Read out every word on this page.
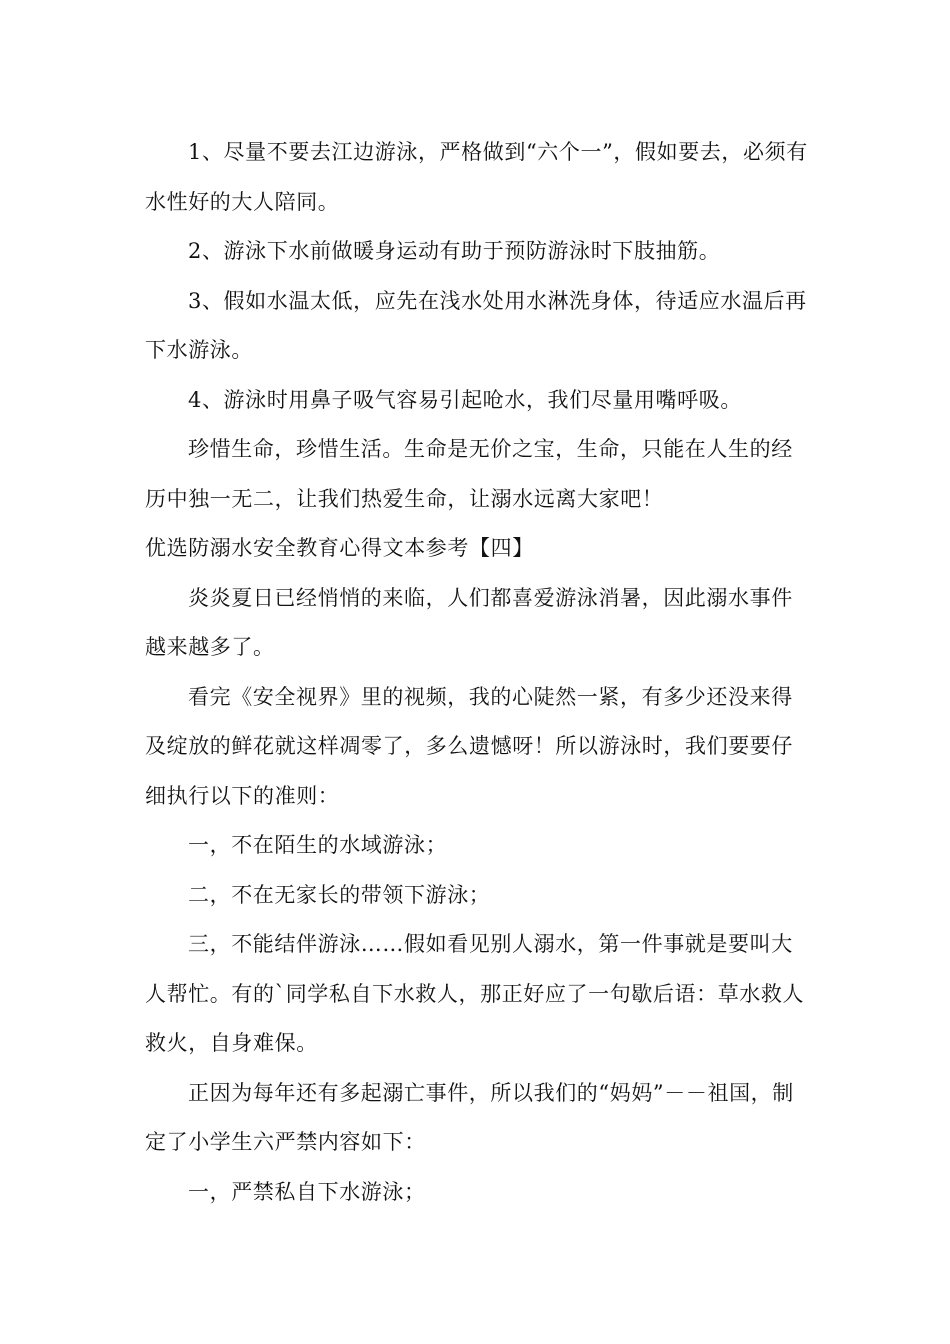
1、尽量不要去江边游泳，严格做到“六个一”，假如要去，必须有水性好的大人陪同。

2、游泳下水前做暖身运动有助于预防游泳时下肢抽筋。

3、假如水温太低，应先在浅水处用水淋洗身体，待适应水温后再下水游泳。

4、游泳时用鼻子吸气容易引起呛水，我们尽量用嘴呼吸。

珍惜生命，珍惜生活。生命是无价之宝，生命，只能在人生的经历中独一无二，让我们热爱生命，让溺水远离大家吧！

优选防溺水安全教育心得文本参考【四】

炎炎夏日已经悄悄的来临，人们都喜爱游泳消暑，因此溺水事件越来越多了。

看完《安全视界》里的视频，我的心陡然一紧，有多少还没来得及绽放的鲜花就这样凋零了，多么遗憾呀！所以游泳时，我们要要仔细执行以下的准则：

一，不在陌生的水域游泳；

二，不在无家长的带领下游泳；

三，不能结伴游泳……假如看见别人溺水，第一件事就是要叫大人帮忙。有的`同学私自下水救人，那正好应了一句歇后语：草水救人救火，自身难保。

正因为每年还有多起溺亡事件，所以我们的“妈妈”－－祖国，制定了小学生六严禁内容如下：

一，严禁私自下水游泳；
